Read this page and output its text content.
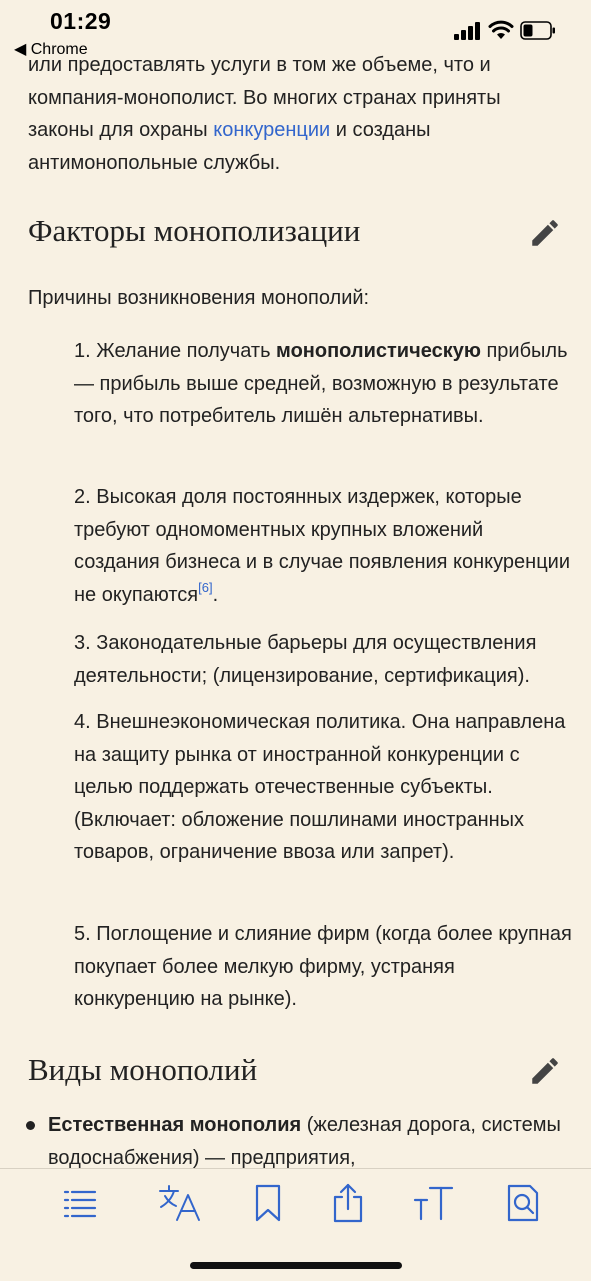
или предоставлять услуги в том же объеме, что и компания-монополист. Во многих странах приняты законы для охраны конкуренции и созданы антимонопольные службы.

Факторы монополизации

Причины возникновения монополий:

1. Желание получать монополистическую прибыль — прибыль выше средней, возможную в результате того, что потребитель лишён альтернативы.

2. Высокая доля постоянных издержек, которые требуют одномоментных крупных вложений создания бизнеса и в случае появления конкуренции не окупаются[6].

3. Законодательные барьеры для осуществления деятельности; (лицензирование, сертификация).

4. Внешнеэкономическая политика. Она направлена на защиту рынка от иностранной конкуренции с целью поддержать отечественные субъекты. (Включает: обложение пошлинами иностранных товаров, ограничение ввоза или запрет).

5. Поглощение и слияние фирм (когда более крупная покупает более мелкую фирму, устраняя конкуренцию на рынке).

Виды монополий

Естественная монополия (железная дорога, системы водоснабжения) — предприятия,

01:29
◀ Chrome
